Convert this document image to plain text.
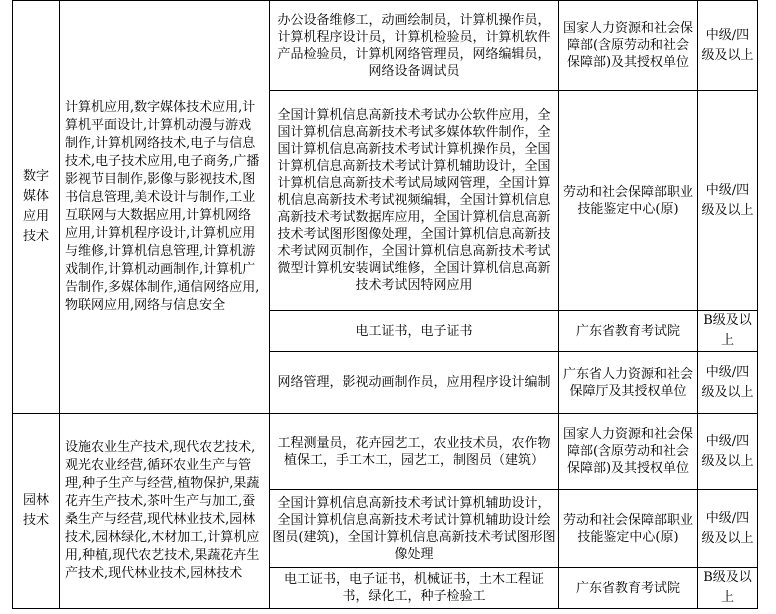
数字媒体应用技术	计算机应用,数字媒体技术应用,计算机平面设计,计算机动漫与游戏制作,计算机网络技术,电子与信息技术,电子技术应用,电子商务,广播影视节目制作,影像与影视技术,图书信息管理,美术设计与制作,工业互联网与大数据应用,计算机网络应用,计算机程序设计,计算机应用与维修,计算机信息管理,计算机游戏制作,计算机动画制作,计算机广告制作,多媒体制作,通信网络应用,物联网应用,网络与信息安全	办公设备维修工，动画绘制员，计算机操作员，计算机程序设计员，计算机检验员，计算机软件产品检验员，计算机网络管理员，网络编辑员，网络设备调试员	国家人力资源和社会保障部(含原劳动和社会保障部)及其授权单位	中级/四级及以上
		全国计算机信息高新技术考试办公软件应用，全国计算机信息高新技术考试多媒体软件制作，全国计算机信息高新技术考试计算机操作员，全国计算机信息高新技术考试计算机辅助设计，全国计算机信息高新技术考试局域网管理，全国计算机信息高新技术考试视频编辑，全国计算机信息高新技术考试数据库应用，全国计算机信息高新技术考试图形图像处理，全国计算机信息高新技术考试网页制作，全国计算机信息高新技术考试微型计算机安装调试维修，全国计算机信息高新技术考试因特网应用	劳动和社会保障部职业技能鉴定中心(原)	中级/四级及以上
		电工证书，电子证书	广东省教育考试院	B级及以上
		网络管理，影视动画制作员，应用程序设计编制	广东省人力资源和社会保障厅及其授权单位	中级/四级及以上
园林技术	设施农业生产技术,现代农艺技术,观光农业经营,循环农业生产与管理,种子生产与经营,植物保护,果蔬花卉生产技术,茶叶生产与加工,蚕桑生产与经营,现代林业技术,园林技术,园林绿化,木材加工,计算机应用,种植,现代农艺技术,果蔬花卉生产技术,现代林业技术,园林技术	工程测量员，花卉园艺工，农业技术员，农作物植保工，手工木工，园艺工，制图员（建筑）	国家人力资源和社会保障部(含原劳动和社会保障部)及其授权单位	中级/四级及以上
		全国计算机信息高新技术考试计算机辅助设计，全国计算机信息高新技术考试计算机辅助设计绘图员(建筑)，全国计算机信息高新技术考试图形图像处理	劳动和社会保障部职业技能鉴定中心(原)	中级/四级及以上
		电工证书，电子证书，机械证书，土木工程证书，绿化工，种子检验工	广东省教育考试院	B级及以上
